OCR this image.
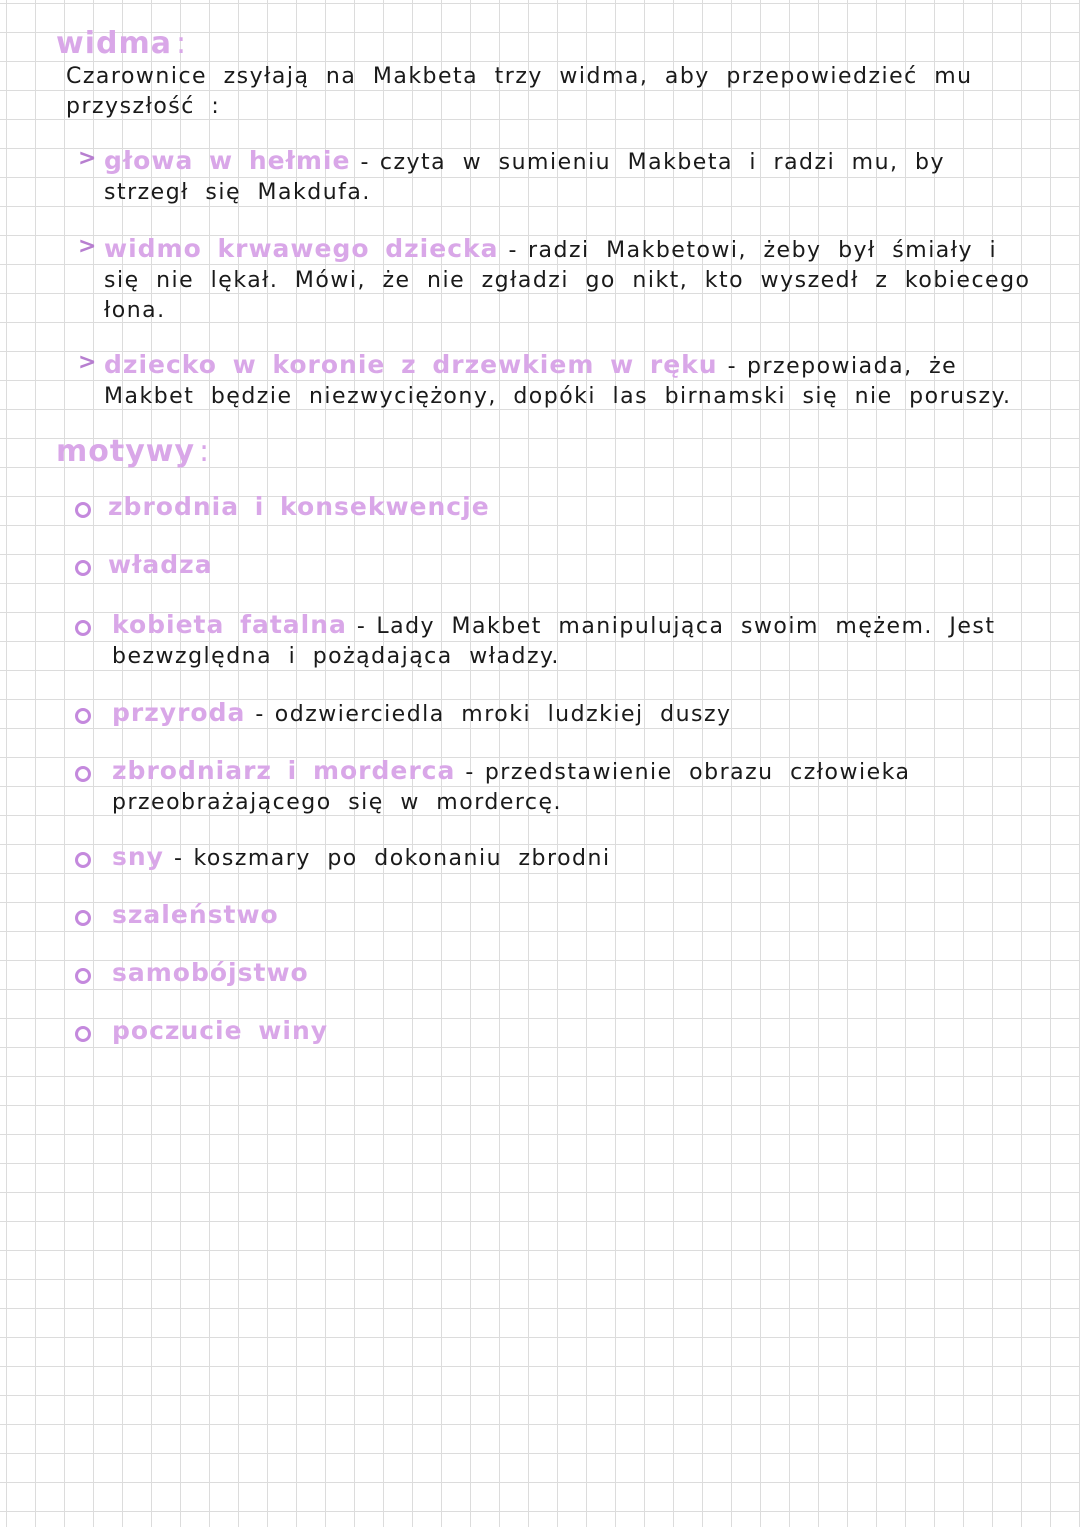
widma :

Czarownice zsyłają na Makbeta trzy widma, aby przepowiedzieć mu przyszłość :

> głowa w hełmie - czyta w sumieniu Makbeta i radzi mu, by strzegł się Makdufa.

> widmo krwawego dziecka - radzi Makbetowi, żeby był śmiały i się nie lękał. Mówi, że nie zgładzi go nikt, kto wyszedł z kobiecego łona.

> dziecko w koronie z drzewkiem w ręku - przepowiada, że Makbet będzie niezwyciężony, dopóki las birnamski się nie poruszy.

motywy :

zbrodnia i konsekwencje

władza

kobieta fatalna - Lady Makbet manipulująca swoim mężem. Jest bezwzględna i pożądająca władzy.

przyroda - odzwierciedla mroki ludzkiej duszy

zbrodniarz i morderca - przedstawienie obrazu człowieka przeobrażającego się w mordercę.

sny - koszmary po dokonaniu zbrodni

szaleństwo

samobójstwo

poczucie winy
